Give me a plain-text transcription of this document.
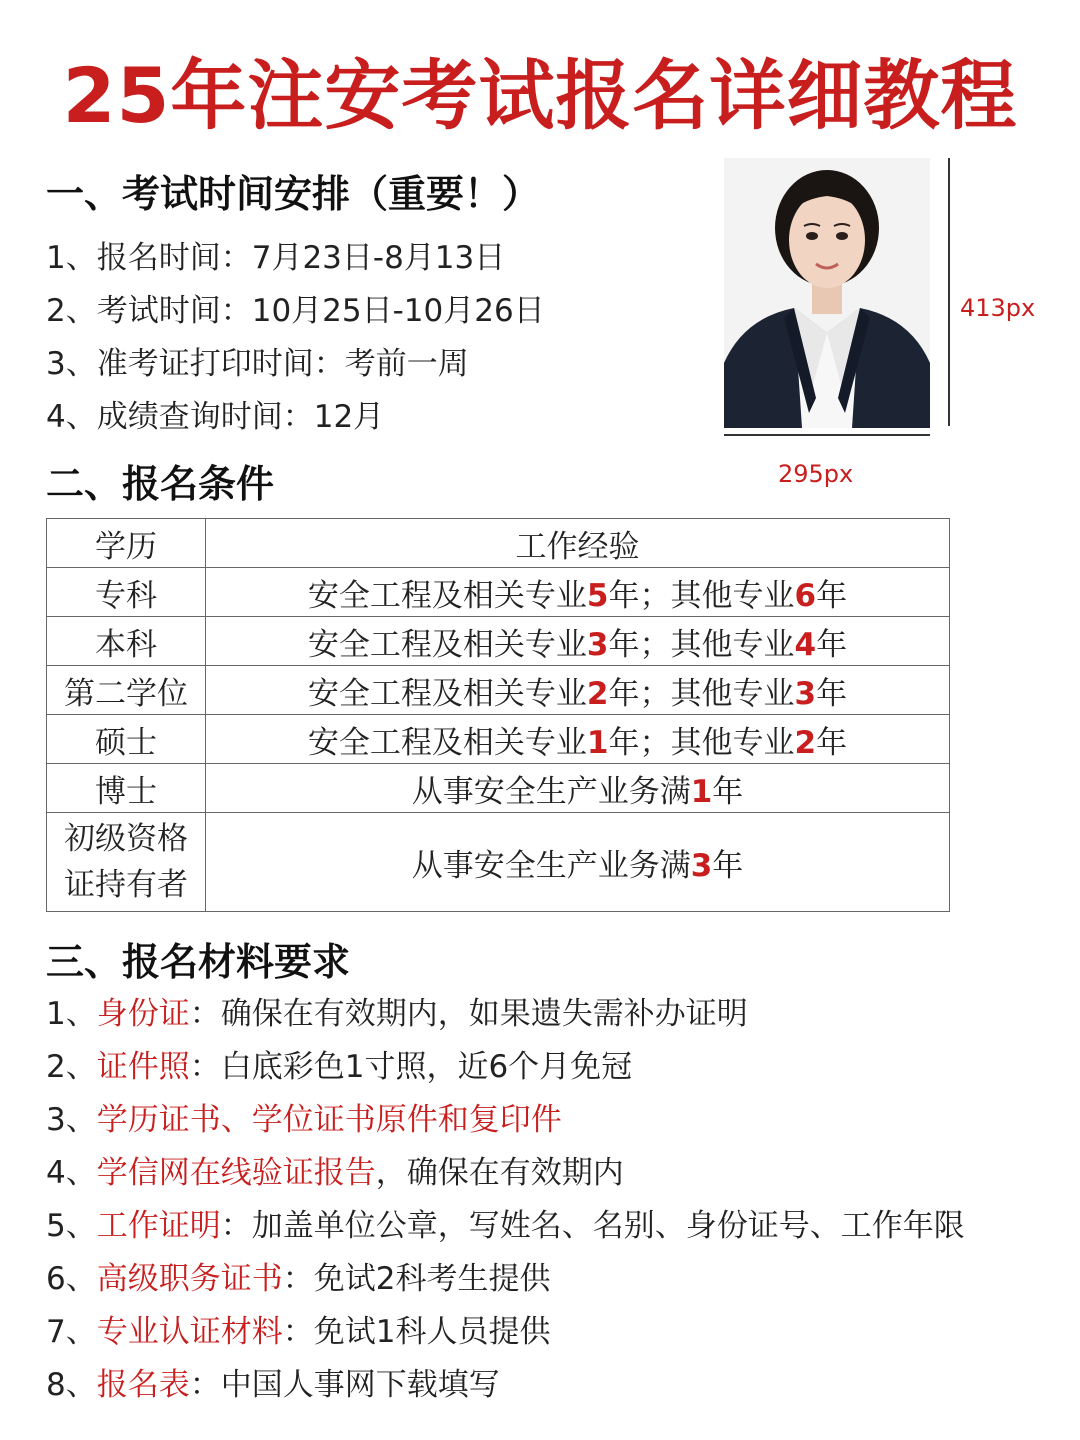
25年注安考试报名详细教程
一、考试时间安排（重要！）
1、报名时间：7月23日-8月13日
2、考试时间：10月25日-10月26日
3、准考证打印时间：考前一周
4、成绩查询时间：12月
413px
295px
二、报名条件
学历	工作经验
专科	安全工程及相关专业5年；其他专业6年
本科	安全工程及相关专业3年；其他专业4年
第二学位	安全工程及相关专业2年；其他专业3年
硕士	安全工程及相关专业1年；其他专业2年
博士	从事安全生产业务满1年

初级资格
证持有者	从事安全生产业务满3年
三、报名材料要求
1、身份证：确保在有效期内，如果遗失需补办证明
2、证件照：白底彩色1寸照，近6个月免冠
3、学历证书、学位证书原件和复印件
4、学信网在线验证报告，确保在有效期内
5、工作证明：加盖单位公章，写姓名、名别、身份证号、工作年限
6、高级职务证书：免试2科考生提供
7、专业认证材料：免试1科人员提供
8、报名表：中国人事网下载填写
